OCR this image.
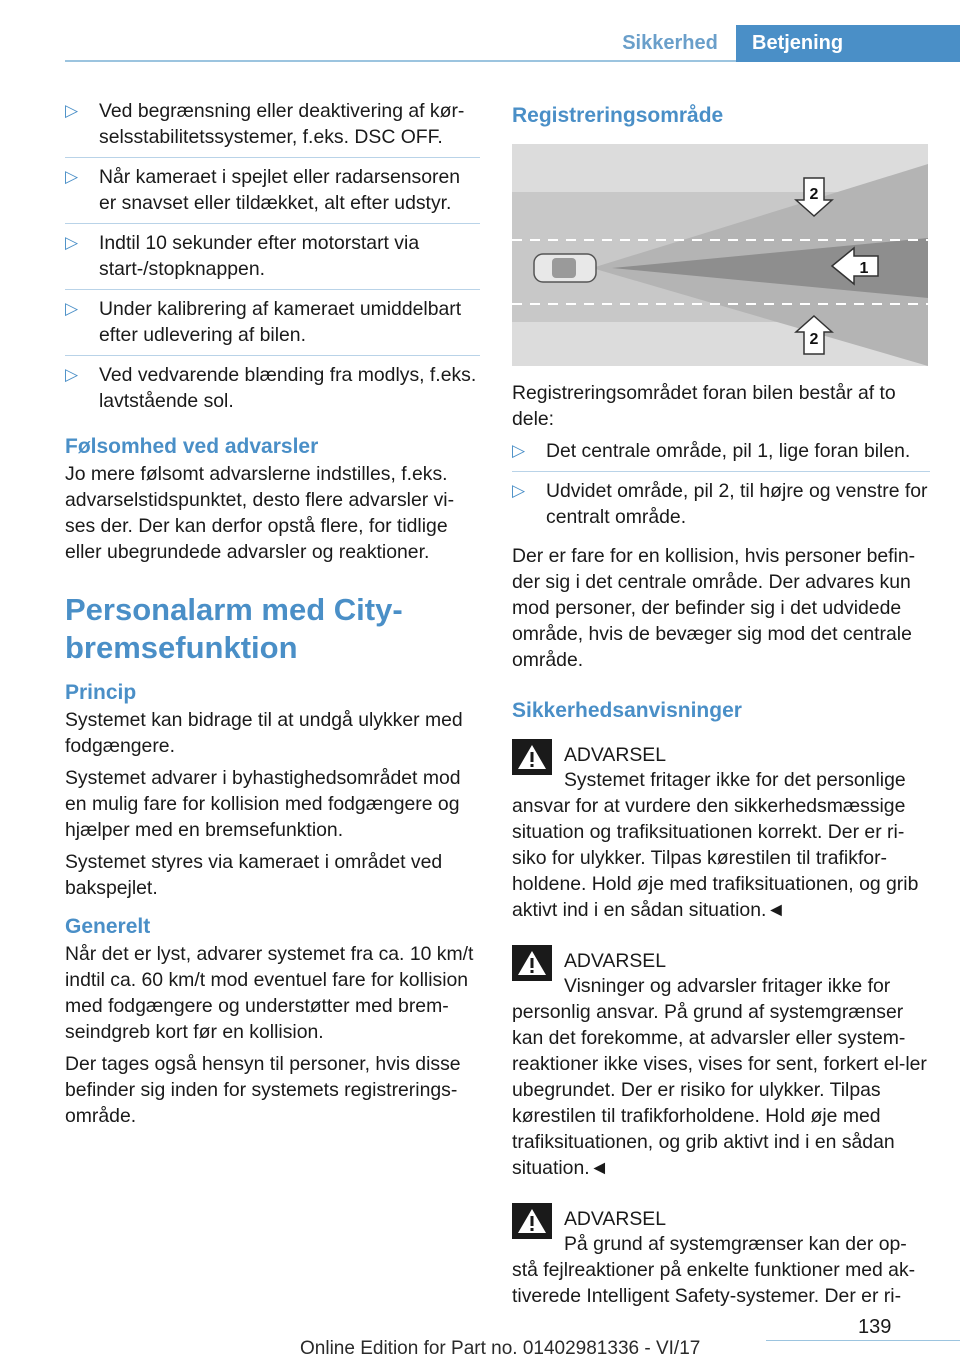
Sikkerhed	Betjening
▷ Ved begrænsning eller deaktivering af kør-selsstabilitetssystemer, f.eks. DSC OFF.
▷ Når kameraet i spejlet eller radarsensoren er snavset eller tildækket, alt efter udstyr.
▷ Indtil 10 sekunder efter motorstart via start-/stopknappen.
▷ Under kalibrering af kameraet umiddelbart efter udlevering af bilen.
▷ Ved vedvarende blænding fra modlys, f.eks. lavtstående sol.
Følsomhed ved advarsler

Jo mere følsomt advarslerne indstilles, f.eks. advarselstidspunktet, desto flere advarsler vi-ses der. Der kan derfor opstå flere, for tidlige eller ubegrundede advarsler og reaktioner.

Personalarm med City-bremsefunktion
Princip

Systemet kan bidrage til at undgå ulykker med fodgængere.

Systemet advarer i byhastighedsområdet mod en mulig fare for kollision med fodgængere og hjælper med en bremsefunktion.

Systemet styres via kameraet i området ved bakspejlet.

Generelt

Når det er lyst, advarer systemet fra ca. 10 km/t indtil ca. 60 km/t mod eventuel fare for kollision med fodgængere og understøtter med brem-seindgreb kort før en kollision.

Der tages også hensyn til personer, hvis disse befinder sig inden for systemets registrerings-område.

Registreringsområde
1
2
2

Registreringsområdet foran bilen består af to dele:

▷ Det centrale område, pil 1, lige foran bilen.
▷ Udvidet område, pil 2, til højre og venstre for centralt område.

Der er fare for en kollision, hvis personer befin-der sig i det centrale område. Der advares kun mod personer, der befinder sig i det udvidede område, hvis de bevæger sig mod det centrale område.

Sikkerhedsanvisninger
ADVARSEL

Systemet fritager ikke for det personlige ansvar for at vurdere den sikkerhedsmæssige situation og trafiksituationen korrekt. Der er ri-siko for ulykker. Tilpas kørestilen til trafikfor-holdene. Hold øje med trafiksituationen, og grib aktivt ind i en sådan situation.◄

ADVARSEL

Visninger og advarsler fritager ikke for personlig ansvar. På grund af systemgrænser kan det forekomme, at advarsler eller system-reaktioner ikke vises, vises for sent, forkert el-ler ubegrundet. Der er risiko for ulykker. Tilpas kørestilen til trafikforholdene. Hold øje med trafiksituationen, og grib aktivt ind i en sådan situation.◄

ADVARSEL

På grund af systemgrænser kan der op-stå fejlreaktioner på enkelte funktioner med ak-tiverede Intelligent Safety-systemer. Der er ri-

139
Online Edition for Part no. 01402981336 - VI/17
